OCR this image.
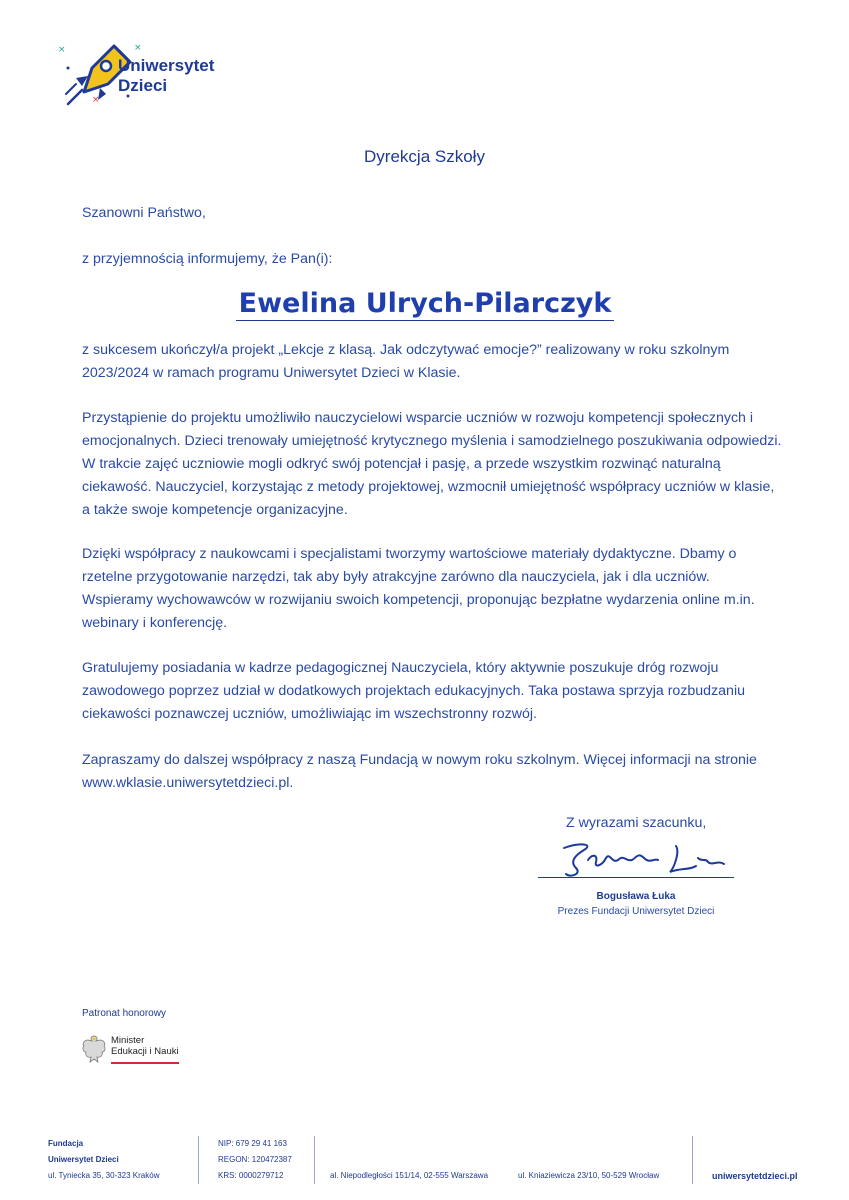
×	×
×
Uniwersytet
Dzieci
Dyrekcja Szkoły
Szanowni Państwo,
z przyjemnością informujemy, że Pan(i):
Ewelina Ulrych-Pilarczyk
z sukcesem ukończył/a projekt „Lekcje z klasą. Jak odczytywać emocje?” realizowany w roku szkolnym 2023/2024 w ramach programu Uniwersytet Dzieci w Klasie.
Przystąpienie do projektu umożliwiło nauczycielowi wsparcie uczniów w rozwoju kompetencji społecznych i emocjonalnych. Dzieci trenowały umiejętność krytycznego myślenia i samodzielnego poszukiwania odpowiedzi. W trakcie zajęć uczniowie mogli odkryć swój potencjał i pasję, a przede wszystkim rozwinąć naturalną ciekawość. Nauczyciel, korzystając z metody projektowej, wzmocnił umiejętność współpracy uczniów w klasie, a także swoje kompetencje organizacyjne.
Dzięki współpracy z naukowcami i specjalistami tworzymy wartościowe materiały dydaktyczne. Dbamy o rzetelne przygotowanie narzędzi, tak aby były atrakcyjne zarówno dla nauczyciela, jak i dla uczniów. Wspieramy wychowawców w rozwijaniu swoich kompetencji, proponując bezpłatne wydarzenia online m.in. webinary i konferencję.
Gratulujemy posiadania w kadrze pedagogicznej Nauczyciela, który aktywnie poszukuje dróg rozwoju zawodowego poprzez udział w dodatkowych projektach edukacyjnych. Taka postawa sprzyja rozbudzaniu ciekawości poznawczej uczniów, umożliwiając im wszechstronny rozwój.
Zapraszamy do dalszej współpracy z naszą Fundacją w nowym roku szkolnym. Więcej informacji na stronie www.wklasie.uniwersytetdzieci.pl.
Z wyrazami szacunku,
Bogusława Łuka
Prezes Fundacji Uniwersytet Dzieci
Patronat honorowy
Minister
Edukacji i Nauki
Fundacja
Uniwersytet Dzieci
ul. Tyniecka 35, 30-323 Kraków
NIP: 679 29 41 163
REGON: 120472387
KRS: 0000279712	al. Niepodległości 151/14, 02-555 Warszawa	ul. Kniaziewicza 23/10, 50-529 Wrocław	uniwersytetdzieci.pl
